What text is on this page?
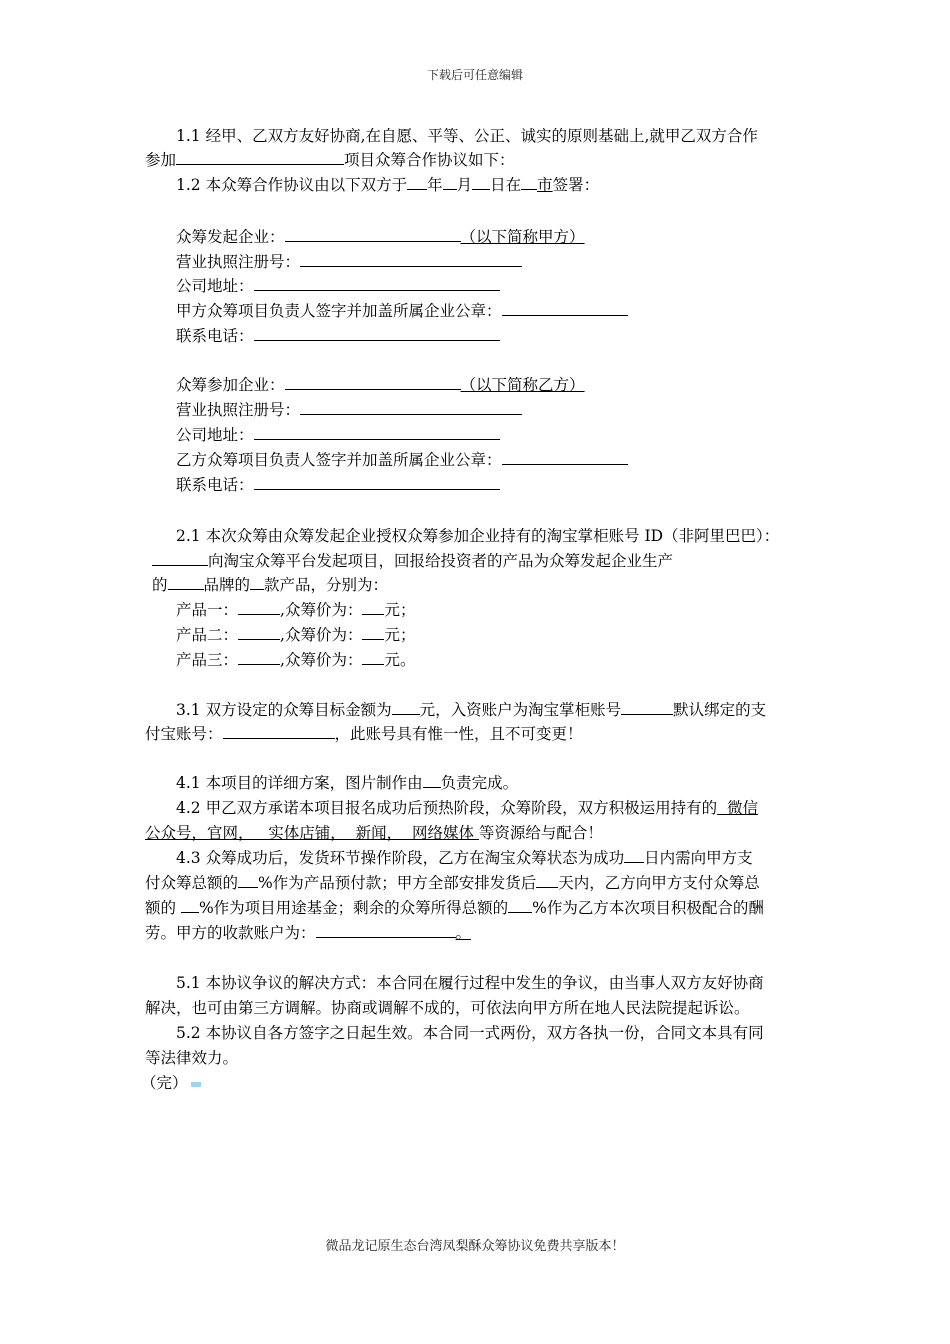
下载后可任意编辑
1.1 经甲、乙双方友好协商,在自愿、平等、公正、诚实的原则基础上,就甲乙双方合作
参加	项目众筹合作协议如下：
1.2 本众筹合作协议由以下双方于 年 月 日在 市签署：
众筹发起企业：	（以下简称甲方）
营业执照注册号：
公司地址：
甲方众筹项目负责人签字并加盖所属企业公章：
联系电话：
众筹参加企业：	（以下简称乙方）
营业执照注册号：
公司地址：
乙方众筹项目负责人签字并加盖所属企业公章：
联系电话：
2.1 本次众筹由众筹发起企业授权众筹参加企业持有的淘宝掌柜账号 ID（非阿里巴巴）：
向淘宝众筹平台发起项目，回报给投资者的产品为众筹发起企业生产
的 品牌的 款产品，分别为：
产品一：	,众筹价为： 元；
产品二：	,众筹价为： 元；
产品三：	,众筹价为： 元。
3.1 双方设定的众筹目标金额为 元，入资账户为淘宝掌柜账号	默认绑定的支
付宝账号：	，此账号具有惟一性，且不可变更！
4.1 本项目的详细方案，图片制作由 负责完成。
4.2 甲乙双方承诺本项目报名成功后预热阶段，众筹阶段，双方积极运用持有的  微信
公众号，官网，   实体店铺，  新闻，  网络媒体 等资源给与配合！
4.3 众筹成功后，发货环节操作阶段，乙方在淘宝众筹状态为成功 日内需向甲方支
付众筹总额的 %作为产品预付款；甲方全部安排发货后 天内，乙方向甲方支付众筹总
额的 %作为项目用途基金；剩余的众筹所得总额的 %作为乙方本次项目积极配合的酬
劳。甲方的收款账户为：	。
5.1 本协议争议的解决方式：本合同在履行过程中发生的争议，由当事人双方友好协商
解决，也可由第三方调解。协商或调解不成的，可依法向甲方所在地人民法院提起诉讼。
5.2 本协议自各方签字之日起生效。本合同一式两份，双方各执一份，合同文本具有同
等法律效力。
（完）
微品龙记原生态台湾凤梨酥众筹协议免费共享版本！
